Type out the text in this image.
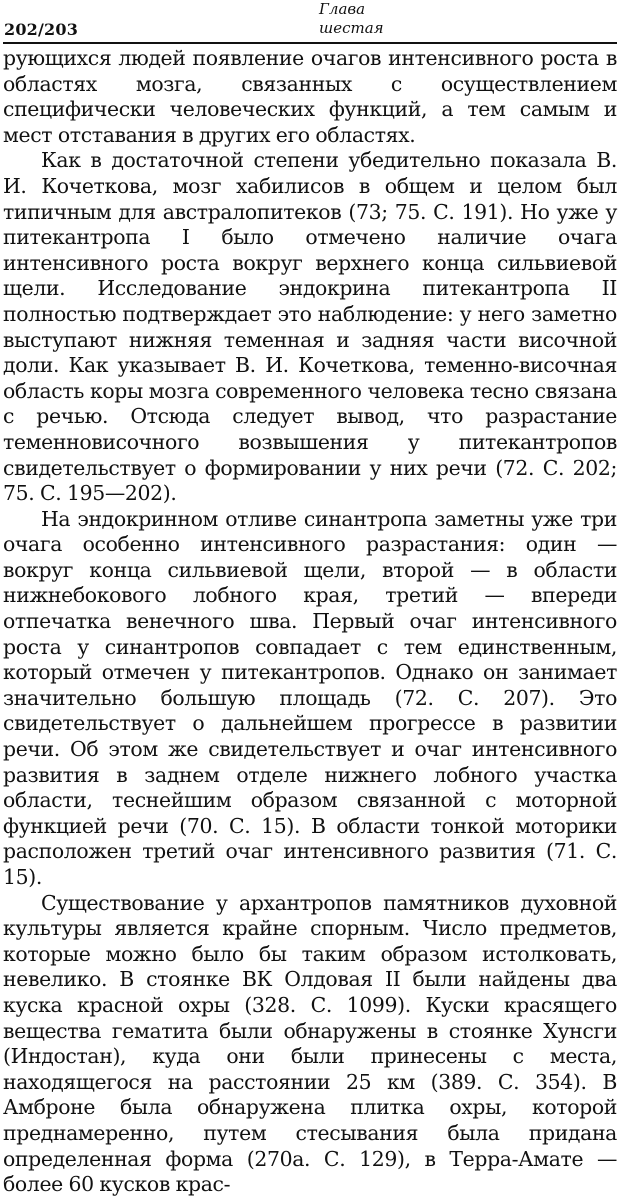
202/203
Глава
шестая

рующихся людей появление очагов интенсивного роста в областях мозга, связанных с осуществлением специфически человеческих функций, а тем самым и мест отставания в других его областях.

Как в достаточной степени убедительно показала В. И. Кочеткова, мозг хабилисов в общем и целом был типичным для австралопитеков (73; 75. С. 191). Но уже у питекантропа I было отмечено наличие очага интенсивного роста вокруг верхнего конца сильвиевой щели. Исследование эндокрина питекантропа II полностью подтверждает это наблюдение: у него заметно выступают нижняя теменная и задняя части височной доли. Как указывает В. И. Кочеткова, теменно-височная область коры мозга современного человека тесно связана с речью. Отсюда следует вывод, что разрастание теменновисочного возвышения у питекантропов свидетельствует о формировании у них речи (72. С. 202; 75. С. 195—202).

На эндокринном отливе синантропа заметны уже три очага особенно интенсивного разрастания: один — вокруг конца сильвиевой щели, второй — в области нижнебокового лобного края, третий — впереди отпечатка венечного шва. Первый очаг интенсивного роста у синантропов совпадает с тем единственным, который отмечен у питекантропов. Однако он занимает значительно большую площадь (72. С. 207). Это свидетельствует о дальнейшем прогрессе в развитии речи. Об этом же свидетельствует и очаг интенсивного развития в заднем отделе нижнего лобного участка области, теснейшим образом связанной с моторной функцией речи (70. С. 15). В области тонкой моторики расположен третий очаг интенсивного развития (71. С. 15).

Существование у архантропов памятников духовной культуры является крайне спорным. Число предметов, которые можно было бы таким образом истолковать, невелико. В стоянке ВК Олдовая II были найдены два куска красной охры (328. С. 1099). Куски красящего вещества гематита были обнаружены в стоянке Хунсги (Индостан), куда они были принесены с места, находящегося на расстоянии 25 км (389. С. 354). В Амброне была обнаружена плитка охры, которой преднамеренно, путем стесывания была придана определенная форма (270а. С. 129), в Терра-Амате — более 60 кусков крас-
